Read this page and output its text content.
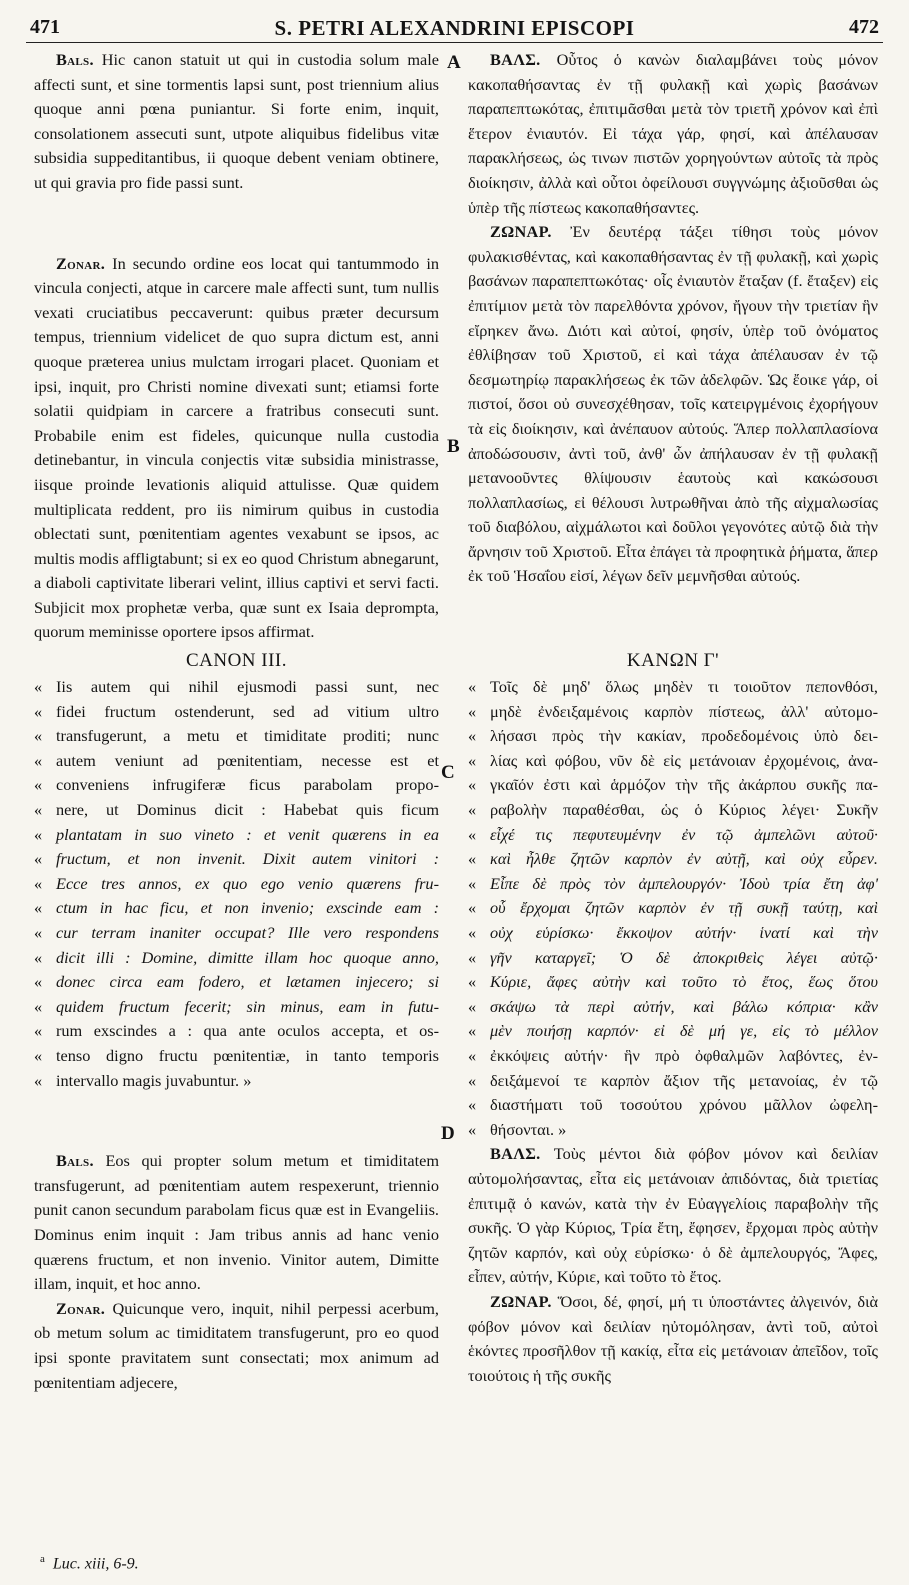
471	S. PETRI ALEXANDRINI EPISCOPI	472
A
B
C
D

Bals. Hic canon statuit ut qui in custodia solum male affecti sunt, et sine tormentis lapsi sunt, post triennium alius quoque anni pœna puniantur. Si forte enim, inquit, consolationem assecuti sunt, utpote aliquibus fidelibus vitæ subsidia suppeditantibus, ii quoque debent veniam obtinere, ut qui gravia pro fide passi sunt.

Zonar. In secundo ordine eos locat qui tantummodo in vincula conjecti, atque in carcere male affecti sunt, tum nullis vexati cruciatibus peccaverunt: quibus præter decursum tempus, triennium videlicet de quo supra dictum est, anni quoque præterea unius mulctam irrogari placet. Quoniam et ipsi, inquit, pro Christi nomine divexati sunt; etiamsi forte solatii quidpiam in carcere a fratribus consecuti sunt. Probabile enim est fideles, quicunque nulla custodia detinebantur, in vincula conjectis vitæ subsidia ministrasse, iisque proinde levationis aliquid attulisse. Quæ quidem multiplicata reddent, pro iis nimirum quibus in custodia oblectati sunt, pœnitentiam agentes vexabunt se ipsos, ac multis modis affligtabunt; si ex eo quod Christum abnegarunt, a diaboli captivitate liberari velint, illius captivi et servi facti. Subjicit mox prophetæ verba, quæ sunt ex Isaia deprompta, quorum meminisse oportere ipsos affirmat.

CANON III.
« Iis autem qui nihil ejusmodi passi sunt, nec
« fidei fructum ostenderunt, sed ad vitium ultro
« transfugerunt, a metu et timiditate proditi; nunc
« autem veniunt ad pœnitentiam, necesse est et
« conveniens infrugiferæ ficus parabolam propo-
« nere, ut Dominus dicit : Habebat quis ficum
« plantatam in suo vineto : et venit quærens in ea
« fructum, et non invenit. Dixit autem vinitori :
« Ecce tres annos, ex quo ego venio quærens fru-
« ctum in hac ficu, et non invenio; exscinde eam :
« cur terram inaniter occupat? Ille vero respondens
« dicit illi : Domine, dimitte illam hoc quoque anno,
« donec circa eam fodero, et lætamen injecero; si
« quidem fructum fecerit; sin minus, eam in futu-
« rum exscindes a : qua ante oculos accepta, et os-
« tenso digno fructu pœnitentiæ, in tanto temporis
« intervallo magis juvabuntur. »

Bals. Eos qui propter solum metum et timiditatem transfugerunt, ad pœnitentiam autem respexerunt, triennio punit canon secundum parabolam ficus quæ est in Evangeliis. Dominus enim inquit : Jam tribus annis ad hanc venio quærens fructum, et non invenio. Vinitor autem, Dimitte illam, inquit, et hoc anno.

Zonar. Quicunque vero, inquit, nihil perpessi acerbum, ob metum solum ac timiditatem transfugerunt, pro eo quod ipsi sponte pravitatem sunt consectati; mox animum ad pœnitentiam adjecere,

ΒΑΛΣ. Οὗτος ὁ κανὼν διαλαμβάνει τοὺς μόνον κακοπαθήσαντας ἐν τῇ φυλακῇ καὶ χωρὶς βασάνων παραπεπτωκότας, ἐπιτιμᾶσθαι μετὰ τὸν τριετῆ χρόνον καὶ ἐπὶ ἕτερον ἐνιαυτόν. Εἰ τάχα γάρ, φησί, καὶ ἀπέλαυσαν παρακλήσεως, ὡς τινων πιστῶν χορηγούντων αὐτοῖς τὰ πρὸς διοίκησιν, ἀλλὰ καὶ οὗτοι ὀφείλουσι συγγνώμης ἀξιοῦσθαι ὡς ὑπὲρ τῆς πίστεως κακοπαθήσαντες.

ΖΩΝΑΡ. Ἐν δευτέρᾳ τάξει τίθησι τοὺς μόνον φυλακισθέντας, καὶ κακοπαθήσαντας ἐν τῇ φυλακῇ, καὶ χωρὶς βασάνων παραπεπτωκότας· οἷς ἐνιαυτὸν ἔταξαν (f. ἔταξεν) εἰς ἐπιτίμιον μετὰ τὸν παρελθόντα χρόνον, ἤγουν τὴν τριετίαν ἣν εἴρηκεν ἄνω. Διότι καὶ αὐτοί, φησίν, ὑπὲρ τοῦ ὀνόματος ἐθλίβησαν τοῦ Χριστοῦ, εἰ καὶ τάχα ἀπέλαυσαν ἐν τῷ δεσμωτηρίῳ παρακλήσεως ἐκ τῶν ἀδελφῶν. Ὡς ἔοικε γάρ, οἱ πιστοί, ὅσοι οὐ συνεσχέθησαν, τοῖς κατειργμένοις ἐχορήγουν τὰ εἰς διοίκησιν, καὶ ἀνέπαυον αὐτούς. Ἅπερ πολλαπλασίονα ἀποδώσουσιν, ἀντὶ τοῦ, ἀνθ' ὧν ἀπήλαυσαν ἐν τῇ φυλακῇ μετανοοῦντες θλίψουσιν ἑαυτοὺς καὶ κακώσουσι πολλαπλασίως, εἰ θέλουσι λυτρωθῆναι ἀπὸ τῆς αἰχμαλωσίας τοῦ διαβόλου, αἰχμάλωτοι καὶ δοῦλοι γεγονότες αὐτῷ διὰ τὴν ἄρνησιν τοῦ Χριστοῦ. Εἶτα ἐπάγει τὰ προφητικὰ ῥήματα, ἅπερ ἐκ τοῦ Ἡσαΐου εἰσί, λέγων δεῖν μεμνῆσθαι αὐτούς.

ΚΑΝΩΝ Γ'
« Τοῖς δὲ μηδ' ὅλως μηδὲν τι τοιοῦτον πεπονθόσι,
« μηδὲ ἐνδειξαμένοις καρπὸν πίστεως, ἀλλ' αὐτομο-
« λήσασι πρὸς τὴν κακίαν, προδεδομένοις ὑπὸ δει-
« λίας καὶ φόβου, νῦν δὲ εἰς μετάνοιαν ἐρχομένοις, ἀνα-
« γκαῖόν ἐστι καὶ ἁρμόζον τὴν τῆς ἀκάρπου συκῆς πα-
« ραβολὴν παραθέσθαι, ὡς ὁ Κύριος λέγει· Συκῆν
« εἶχέ τις πεφυτευμένην ἐν τῷ ἀμπελῶνι αὐτοῦ·
« καὶ ἦλθε ζητῶν καρπὸν ἐν αὐτῇ, καὶ οὐχ εὗρεν.
« Εἶπε δὲ πρὸς τὸν ἀμπελουργόν· Ἰδοὺ τρία ἔτη ἀφ'
« οὗ ἔρχομαι ζητῶν καρπὸν ἐν τῇ συκῇ ταύτῃ, καὶ
« οὐχ εὑρίσκω· ἔκκοψον αὐτήν· ἱνατί καὶ τὴν
« γῆν καταργεῖ; Ὁ δὲ ἀποκριθεὶς λέγει αὐτῷ·
« Κύριε, ἄφες αὐτὴν καὶ τοῦτο τὸ ἔτος, ἕως ὅτου
« σκάψω τὰ περὶ αὐτήν, καὶ βάλω κόπρια· κἂν
« μὲν ποιήσῃ καρπόν· εἰ δὲ μή γε, εἰς τὸ μέλλον
« ἐκκόψεις αὐτήν· ἣν πρὸ ὀφθαλμῶν λαβόντες, ἐν-
« δειξάμενοί τε καρπὸν ἄξιον τῆς μετανοίας, ἐν τῷ
« διαστήματι τοῦ τοσούτου χρόνου μᾶλλον ὠφελη-
« θήσονται. »

ΒΑΛΣ. Τοὺς μέντοι διὰ φόβον μόνον καὶ δειλίαν αὐτομολήσαντας, εἶτα εἰς μετάνοιαν ἀπιδόντας, διὰ τριετίας ἐπιτιμᾷ ὁ κανών, κατὰ τὴν ἐν Εὐαγγελίοις παραβολὴν τῆς συκῆς. Ὁ γὰρ Κύριος, Τρία ἔτη, ἔφησεν, ἔρχομαι πρὸς αὐτὴν ζητῶν καρπόν, καὶ οὐχ εὑρίσκω· ὁ δὲ ἀμπελουργός, Ἄφες, εἶπεν, αὐτήν, Κύριε, καὶ τοῦτο τὸ ἔτος.

ΖΩΝΑΡ. Ὅσοι, δέ, φησί, μή τι ὑποστάντες ἀλγεινόν, διὰ φόβον μόνον καὶ δειλίαν ηὐτομόλησαν, ἀντὶ τοῦ, αὐτοὶ ἑκόντες προσῆλθον τῇ κακίᾳ, εἶτα εἰς μετάνοιαν ἀπεῖδον, τοῖς τοιούτοις ἡ τῆς συκῆς

$^a$ Luc. xiii, 6-9.
